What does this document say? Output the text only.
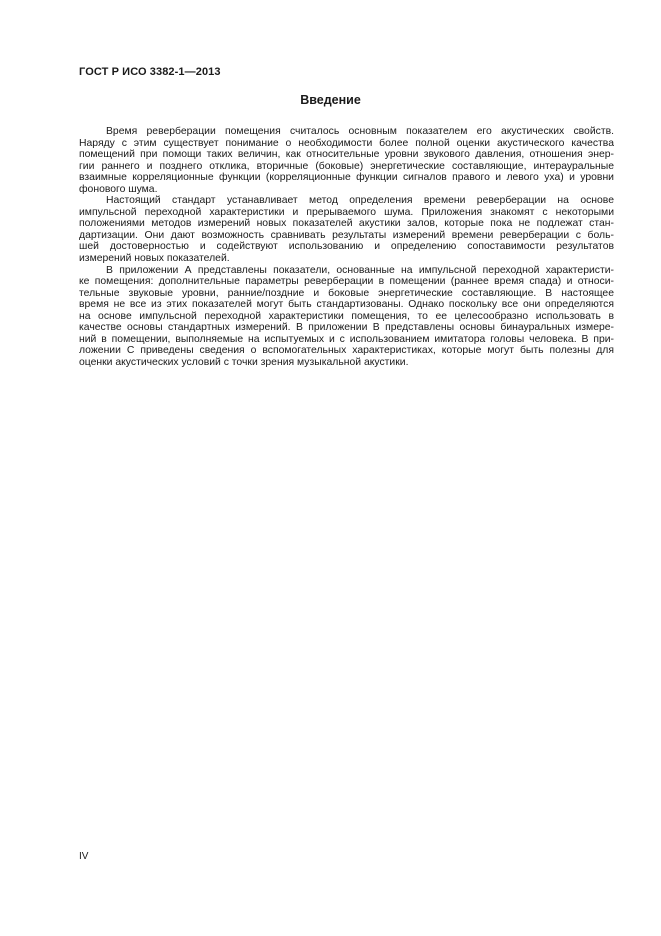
ГОСТ Р ИСО 3382-1—2013
Введение
Время реверберации помещения считалось основным показателем его акустических свойств.
Наряду с этим существует понимание о необходимости более полной оценки акустического качества
помещений при помощи таких величин, как относительные уровни звукового давления, отношения энер-
гии раннего и позднего отклика, вторичные (боковые) энергетические составляющие, интерауральные
взаимные корреляционные функции (корреляционные функции сигналов правого и левого уха) и уровни
фонового шума.
Настоящий стандарт устанавливает метод определения времени реверберации на основе
импульсной переходной характеристики и прерываемого шума. Приложения знакомят с некоторыми
положениями методов измерений новых показателей акустики залов, которые пока не подлежат стан-
дартизации. Они дают возможность сравнивать результаты измерений времени реверберации с боль-
шей достоверностью и содействуют использованию и определению сопоставимости результатов
измерений новых показателей.
В приложении А представлены показатели, основанные на импульсной переходной характеристи-
ке помещения: дополнительные параметры реверберации в помещении (раннее время спада) и относи-
тельные звуковые уровни, ранние/поздние и боковые энергетические составляющие. В настоящее
время не все из этих показателей могут быть стандартизованы. Однако поскольку все они определяются
на основе импульсной переходной характеристики помещения, то ее целесообразно использовать в
качестве основы стандартных измерений. В приложении В представлены основы бинауральных измере-
ний в помещении, выполняемые на испытуемых и с использованием имитатора головы человека. В при-
ложении С приведены сведения о вспомогательных характеристиках, которые могут быть полезны для
оценки акустических условий с точки зрения музыкальной акустики.
IV
